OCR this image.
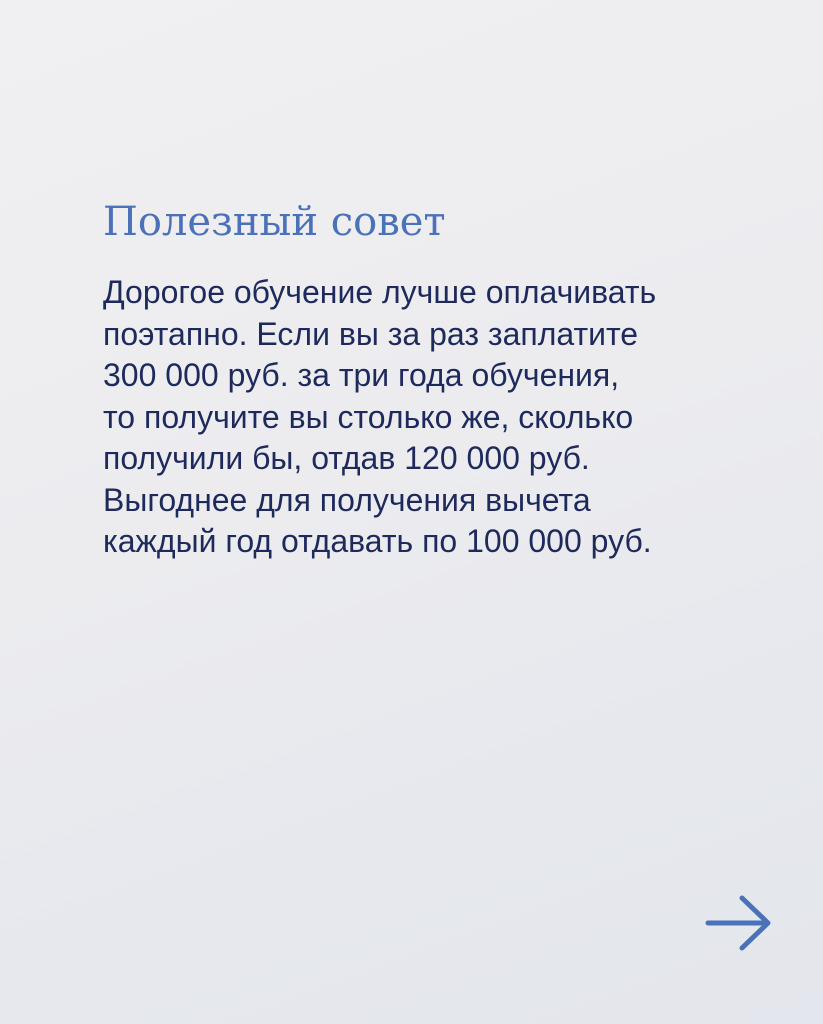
Полезный совет
Дорогое обучение лучше оплачивать
поэтапно. Если вы за раз заплатите
300 000 руб. за три года обучения,
то получите вы столько же, сколько
получили бы, отдав 120 000 руб.
Выгоднее для получения вычета
каждый год отдавать по 100 000 руб.
